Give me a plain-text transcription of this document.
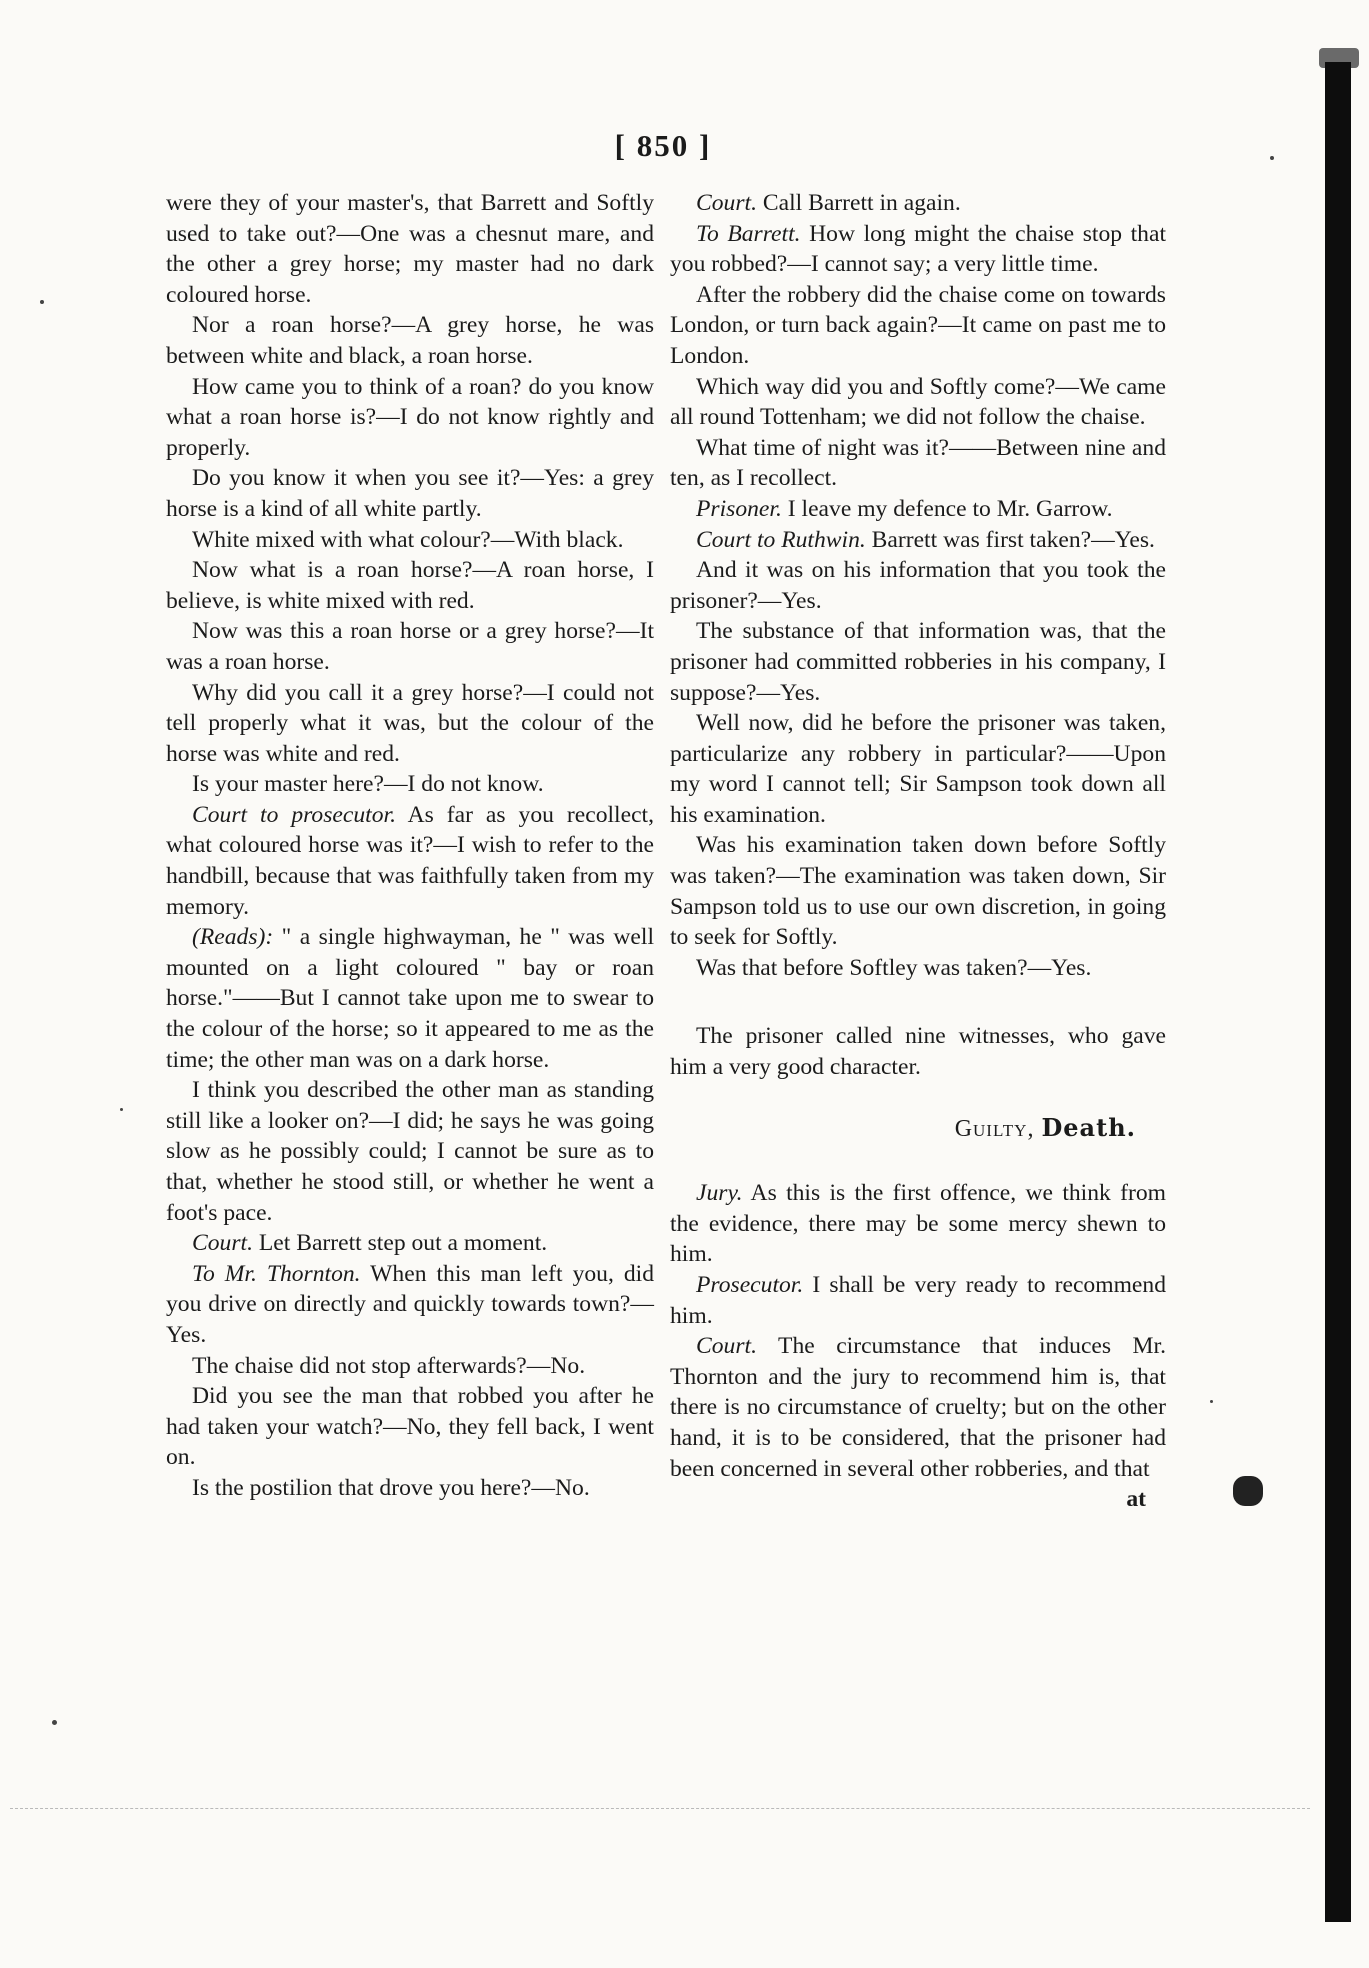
[ 850 ]

were they of your master's, that Barrett and Softly used to take out?—One was a chesnut mare, and the other a grey horse; my master had no dark coloured horse.

Nor a roan horse?—A grey horse, he was between white and black, a roan horse.

How came you to think of a roan? do you know what a roan horse is?—I do not know rightly and properly.

Do you know it when you see it?—Yes: a grey horse is a kind of all white partly.

White mixed with what colour?—With black.

Now what is a roan horse?—A roan horse, I believe, is white mixed with red.

Now was this a roan horse or a grey horse?—It was a roan horse.

Why did you call it a grey horse?—I could not tell properly what it was, but the colour of the horse was white and red.

Is your master here?—I do not know.

Court to prosecutor. As far as you recollect, what coloured horse was it?—I wish to refer to the handbill, because that was faithfully taken from my memory.

(Reads): " a single highwayman, he " was well mounted on a light coloured " bay or roan horse."——But I cannot take upon me to swear to the colour of the horse; so it appeared to me as the time; the other man was on a dark horse.

I think you described the other man as standing still like a looker on?—I did; he says he was going slow as he possibly could; I cannot be sure as to that, whether he stood still, or whether he went a foot's pace.

Court. Let Barrett step out a moment.

To Mr. Thornton. When this man left you, did you drive on directly and quickly towards town?—Yes.

The chaise did not stop afterwards?—No.

Did you see the man that robbed you after he had taken your watch?—No, they fell back, I went on.

Is the postilion that drove you here?—No.

Court. Call Barrett in again.

To Barrett. How long might the chaise stop that you robbed?—I cannot say; a very little time.

After the robbery did the chaise come on towards London, or turn back again?—It came on past me to London.

Which way did you and Softly come?—We came all round Tottenham; we did not follow the chaise.

What time of night was it?——Between nine and ten, as I recollect.

Prisoner. I leave my defence to Mr. Garrow.

Court to Ruthwin. Barrett was first taken?—Yes.

And it was on his information that you took the prisoner?—Yes.

The substance of that information was, that the prisoner had committed robberies in his company, I suppose?—Yes.

Well now, did he before the prisoner was taken, particularize any robbery in particular?——Upon my word I cannot tell; Sir Sampson took down all his examination.

Was his examination taken down before Softly was taken?—The examination was taken down, Sir Sampson told us to use our own discretion, in going to seek for Softly.

Was that before Softley was taken?—Yes.

The prisoner called nine witnesses, who gave him a very good character.

Guilty, Death.

Jury. As this is the first offence, we think from the evidence, there may be some mercy shewn to him.

Prosecutor. I shall be very ready to recommend him.

Court. The circumstance that induces Mr. Thornton and the jury to recommend him is, that there is no circumstance of cruelty; but on the other hand, it is to be considered, that the prisoner had been concerned in several other robberies, and that

at
